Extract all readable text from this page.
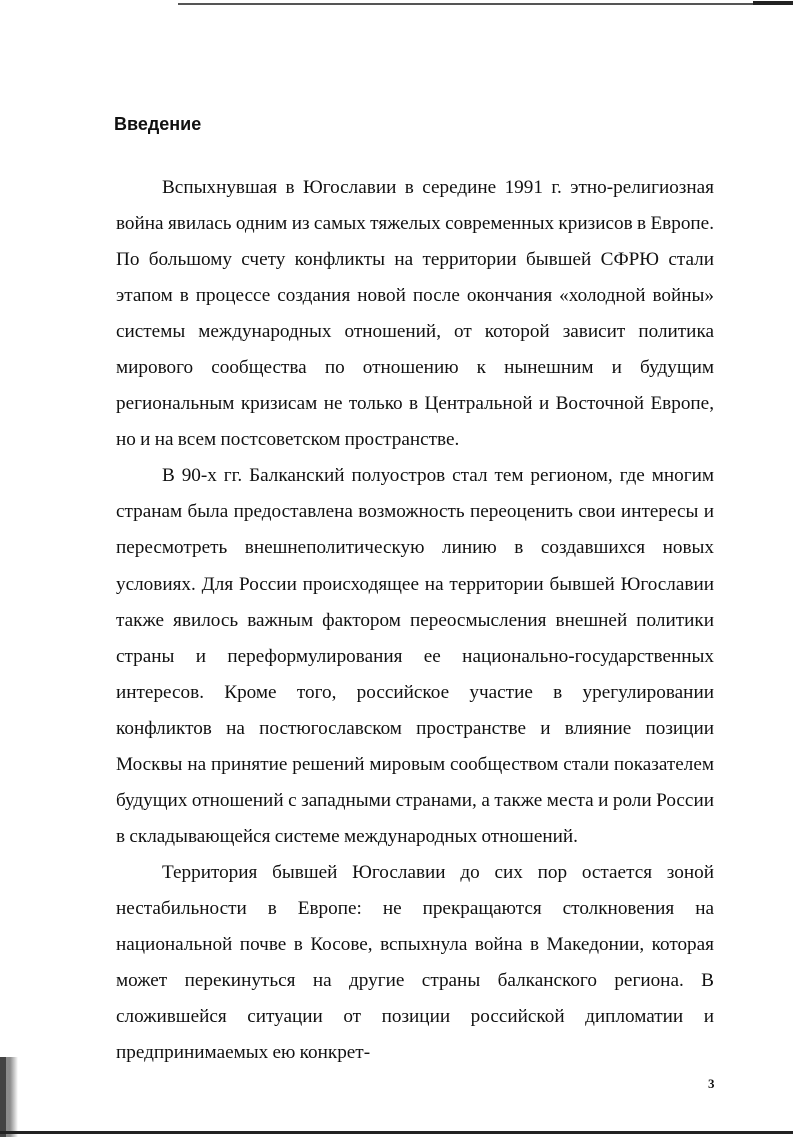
Введение

Вспыхнувшая в Югославии в середине 1991 г. этно-религиозная война явилась одним из самых тяжелых современных кризисов в Европе. По большому счету конфликты на территории бывшей СФРЮ стали этапом в процессе создания новой после окончания «холодной войны» системы международных отношений, от которой зависит политика мирового сообщества по отношению к нынешним и будущим региональным кризисам не только в Центральной и Восточной Европе, но и на всем постсоветском пространстве.

В 90-х гг. Балканский полуостров стал тем регионом, где многим странам была предоставлена возможность переоценить свои интересы и пересмотреть внешнеполитическую линию в создавшихся новых условиях. Для России происходящее на территории бывшей Югославии также явилось важным фактором переосмысления внешней политики страны и переформулирования ее национально-государственных интересов. Кроме того, российское участие в урегулировании конфликтов на постюгославском пространстве и влияние позиции Москвы на принятие решений мировым сообществом стали показателем будущих отношений с западными странами, а также места и роли России в складывающейся системе международных отношений.

Территория бывшей Югославии до сих пор остается зоной нестабильности в Европе: не прекращаются столкновения на национальной почве в Косове, вспыхнула война в Македонии, которая может перекинуться на другие страны балканского региона. В сложившейся ситуации от позиции российской дипломатии и предпринимаемых ею конкрет-

3
